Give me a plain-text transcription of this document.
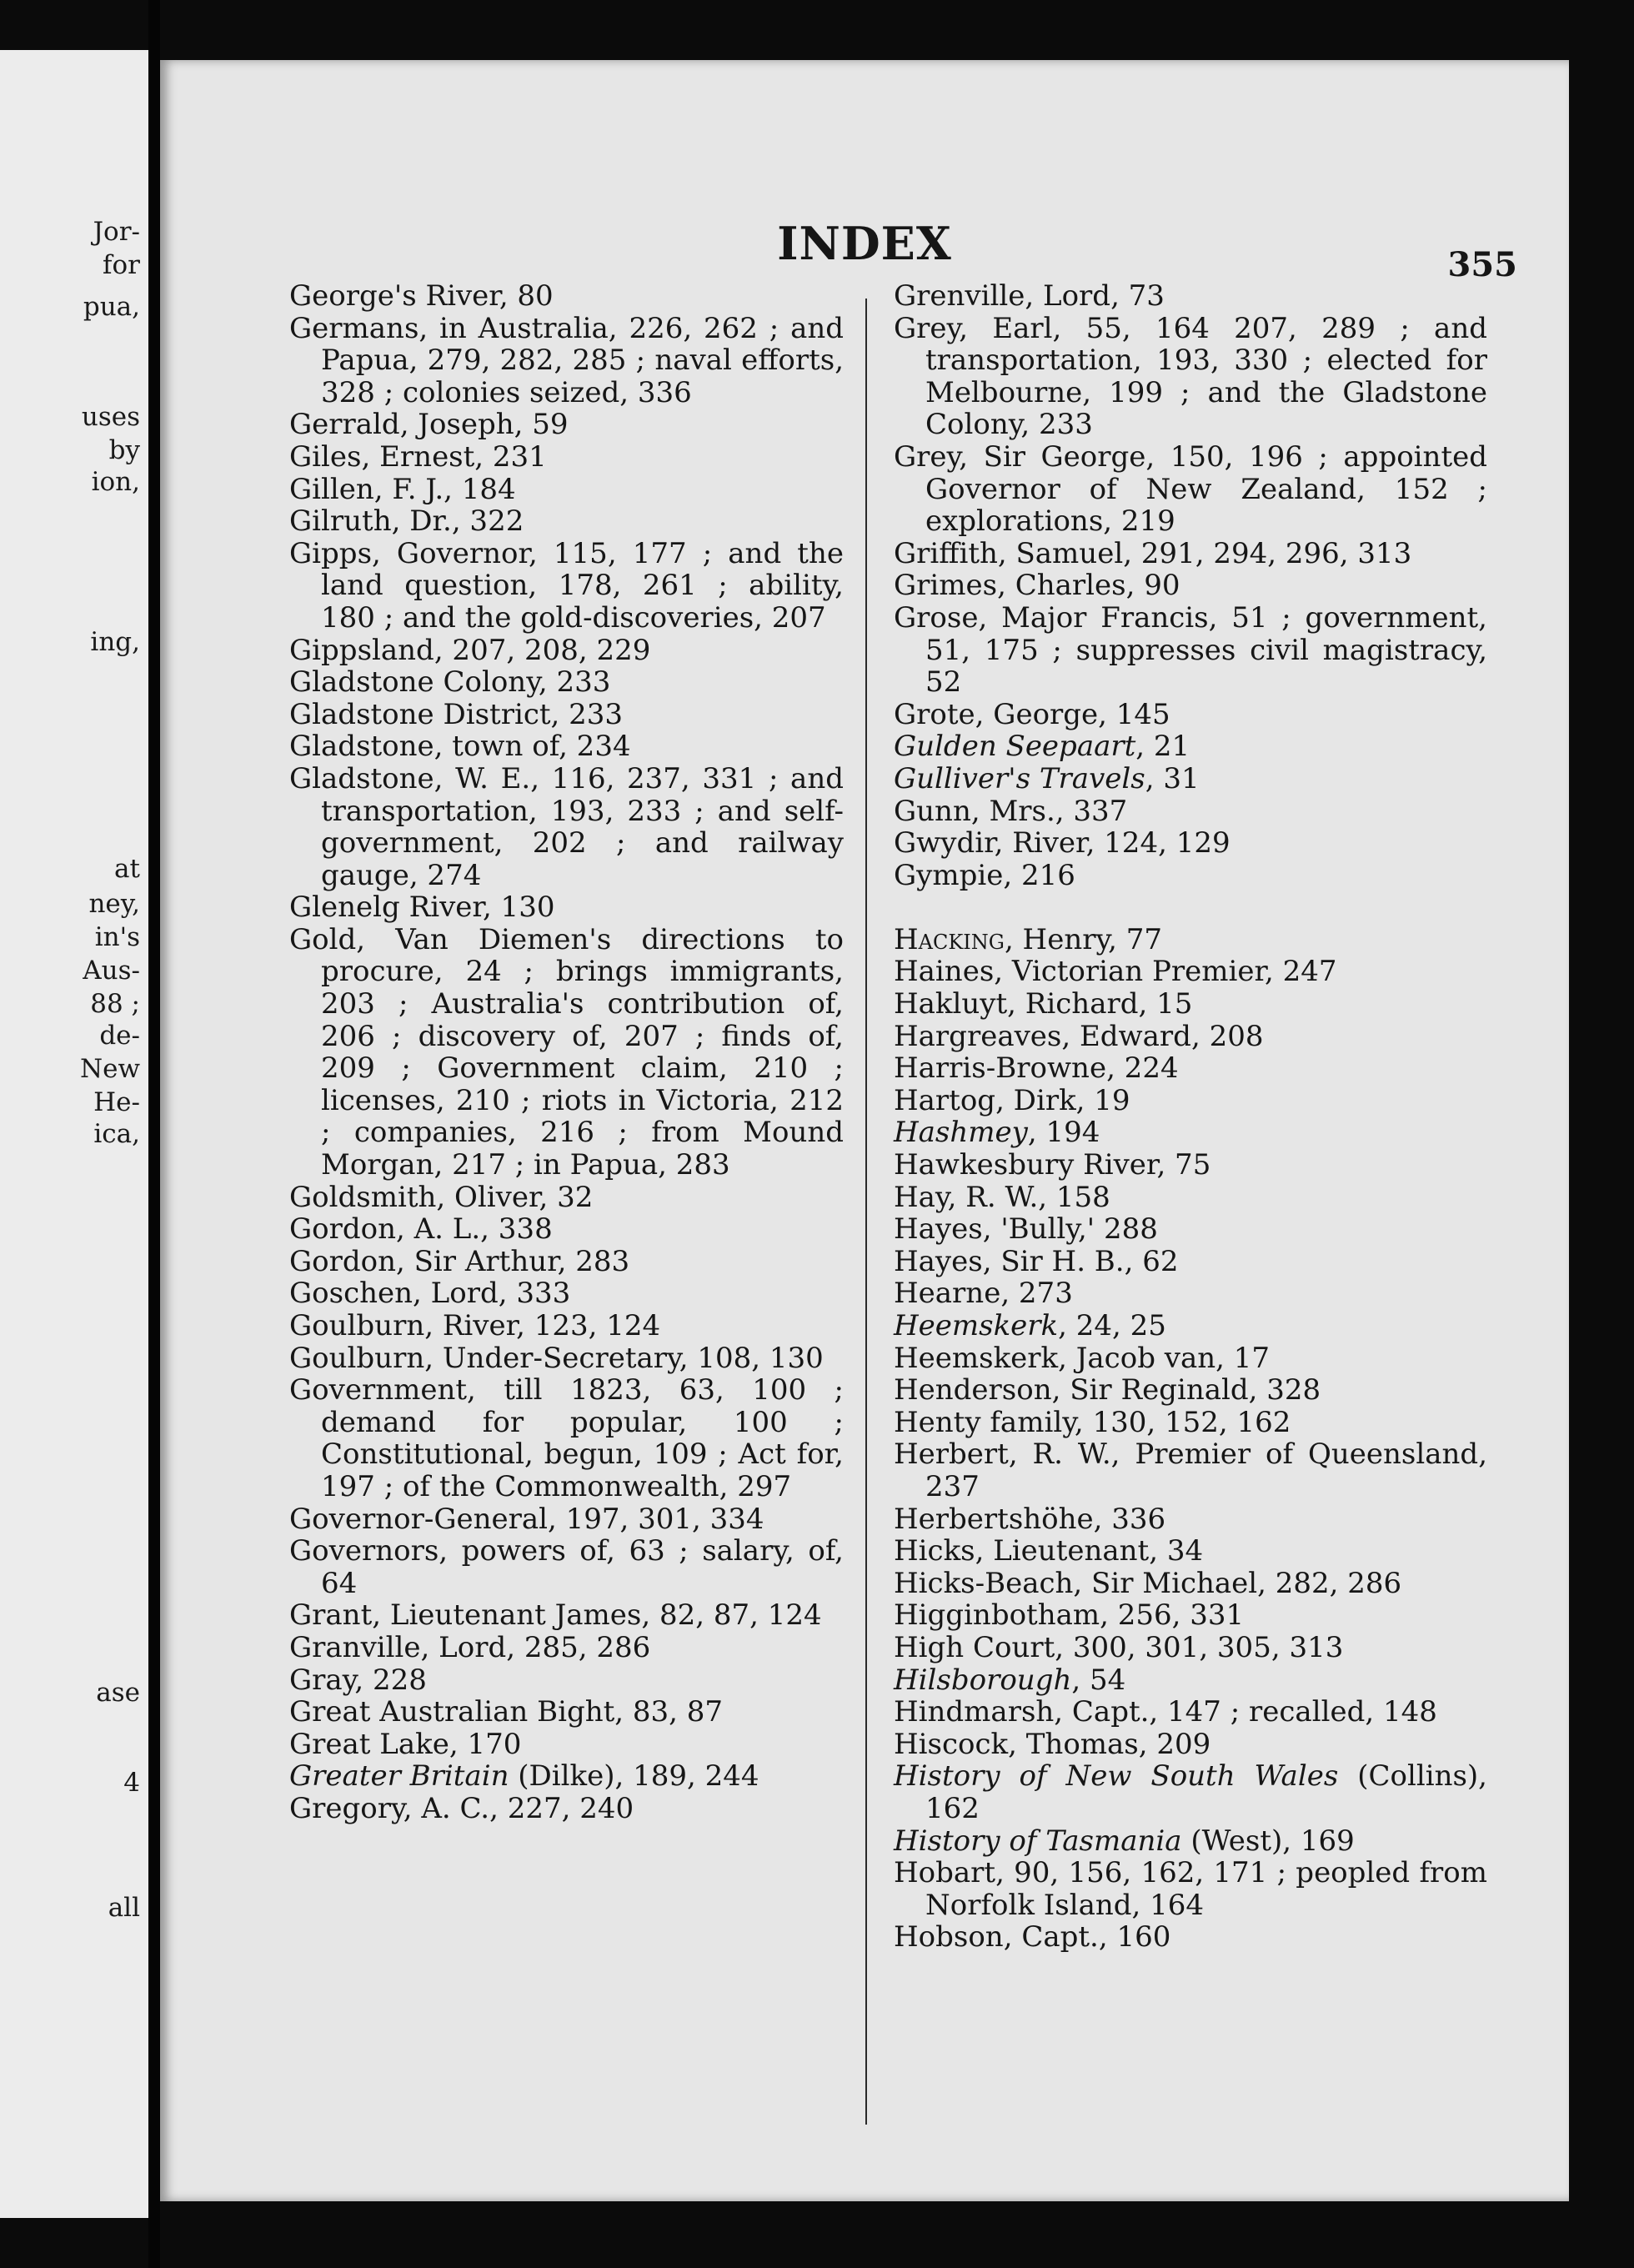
Jor-
for
pua,
uses
by
ion,
ing,
at
ney,
in's
Aus-
88 ;
de-
New
He-
ica,
ase
4
all
INDEX	355
George's River, 80
Germans, in Australia, 226, 262 ; and Papua, 279, 282, 285 ; naval efforts, 328 ; colonies seized, 336
Gerrald, Joseph, 59
Giles, Ernest, 231
Gillen, F. J., 184
Gilruth, Dr., 322
Gipps, Governor, 115, 177 ; and the land question, 178, 261 ; ability, 180 ; and the gold-discoveries, 207
Gippsland, 207, 208, 229
Gladstone Colony, 233
Gladstone District, 233
Gladstone, town of, 234
Gladstone, W. E., 116, 237, 331 ; and transportation, 193, 233 ; and self-government, 202 ; and railway gauge, 274
Glenelg River, 130
Gold, Van Diemen's directions to procure, 24 ; brings immigrants, 203 ; Australia's contribution of, 206 ; discovery of, 207 ; finds of, 209 ; Government claim, 210 ; licenses, 210 ; riots in Victoria, 212 ; companies, 216 ; from Mound Morgan, 217 ; in Papua, 283
Goldsmith, Oliver, 32
Gordon, A. L., 338
Gordon, Sir Arthur, 283
Goschen, Lord, 333
Goulburn, River, 123, 124
Goulburn, Under-Secretary, 108, 130
Government, till 1823, 63, 100 ; demand for popular, 100 ; Constitutional, begun, 109 ; Act for, 197 ; of the Commonwealth, 297
Governor-General, 197, 301, 334
Governors, powers of, 63 ; salary, of, 64
Grant, Lieutenant James, 82, 87, 124
Granville, Lord, 285, 286
Gray, 228
Great Australian Bight, 83, 87
Great Lake, 170
Greater Britain (Dilke), 189, 244
Gregory, A. C., 227, 240
Grenville, Lord, 73
Grey, Earl, 55, 164 207, 289 ; and transportation, 193, 330 ; elected for Melbourne, 199 ; and the Gladstone Colony, 233
Grey, Sir George, 150, 196 ; appointed Governor of New Zealand, 152 ; explorations, 219
Griffith, Samuel, 291, 294, 296, 313
Grimes, Charles, 90
Grose, Major Francis, 51 ; government, 51, 175 ; suppresses civil magistracy, 52
Grote, George, 145
Gulden Seepaart, 21
Gulliver's Travels, 31
Gunn, Mrs., 337
Gwydir, River, 124, 129
Gympie, 216
Hacking, Henry, 77
Haines, Victorian Premier, 247
Hakluyt, Richard, 15
Hargreaves, Edward, 208
Harris-Browne, 224
Hartog, Dirk, 19
Hashmey, 194
Hawkesbury River, 75
Hay, R. W., 158
Hayes, 'Bully,' 288
Hayes, Sir H. B., 62
Hearne, 273
Heemskerk, 24, 25
Heemskerk, Jacob van, 17
Henderson, Sir Reginald, 328
Henty family, 130, 152, 162
Herbert, R. W., Premier of Queensland, 237
Herbertshöhe, 336
Hicks, Lieutenant, 34
Hicks-Beach, Sir Michael, 282, 286
Higginbotham, 256, 331
High Court, 300, 301, 305, 313
Hilsborough, 54
Hindmarsh, Capt., 147 ; recalled, 148
Hiscock, Thomas, 209
History of New South Wales (Collins), 162
History of Tasmania (West), 169
Hobart, 90, 156, 162, 171 ; peopled from Norfolk Island, 164
Hobson, Capt., 160
